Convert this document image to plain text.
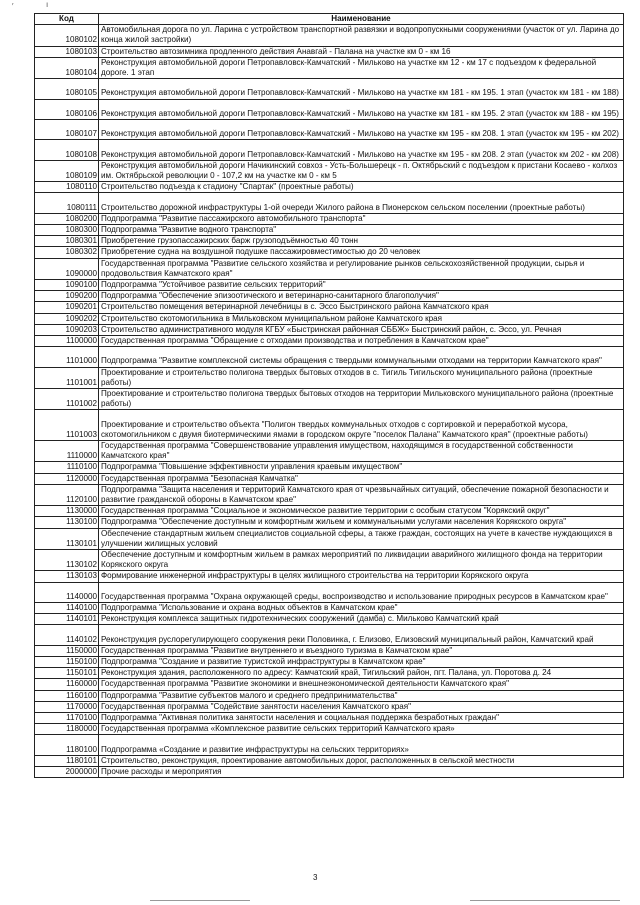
′	ı
Код	Наименование
1080102	Автомобильная дорога по ул. Ларина с устройством транспортной развязки и водопропускными сооружениями (участок от ул. Ларина до конца жилой застройки)
1080103	Строительство автозимника продленного действия Анавгай - Палана на участке км 0 - км 16
1080104	Реконструкция автомобильной дороги Петропавловск-Камчатский - Мильково на участке км 12 - км 17 с подъездом к федеральной дороге. 1 этап
1080105	Реконструкция автомобильной дороги Петропавловск-Камчатский - Мильково на участке км 181 - км 195. 1 этап (участок км 181 - км 188)
1080106	Реконструкция автомобильной дороги Петропавловск-Камчатский - Мильково на участке км 181 - км 195. 2 этап (участок км 188 - км 195)
1080107	Реконструкция автомобильной дороги Петропавловск-Камчатский - Мильково на участке км 195 - км 208. 1 этап (участок км 195 - км 202)
1080108	Реконструкция автомобильной дороги Петропавловск-Камчатский - Мильково на участке км 195 - км 208. 2 этап (участок км 202 - км 208)
1080109	Реконструкция автомобильной дороги Начикинский совхоз - Усть-Большерецк - п. Октябрьский с подъездом к пристани Косаево - колхоз им. Октябрьской революции 0 - 107,2 км на участке км 0 - км 5
1080110	Строительство подъезда к стадиону "Спартак" (проектные работы)
1080111	Строительство дорожной инфраструктуры 1-ой очереди Жилого района в Пионерском сельском поселении (проектные работы)
1080200	Подпрограмма "Развитие пассажирского автомобильного транспорта"
1080300	Подпрограмма "Развитие водного транспорта"
1080301	Приобретение грузопассажирских барж грузоподъёмностью 40 тонн
1080302	Приобретение судна на воздушной подушке пассажировместимостью до 20 человек
1090000	Государственная программа "Развитие сельского хозяйства и регулирование рынков сельскохозяйственной продукции, сырья и продовольствия Камчатского края"
1090100	Подпрограмма "Устойчивое развитие сельских территорий"
1090200	Подпрограмма "Обеспечение эпизоотического и ветеринарно-санитарного благополучия"
1090201	Строительство помещения ветеринарной лечебницы в с. Эссо Быстринского района Камчатского края
1090202	Строительство скотомогильника в Мильковском муниципальном районе Камчатского края
1090203	Строительство административного модуля КГБУ «Быстринская районная СББЖ» Быстринский район, с. Эссо, ул. Речная
1100000	Государственная программа "Обращение с отходами производства и потребления в Камчатском крае"
1101000	Подпрограмма "Развитие комплексной системы обращения с твердыми коммунальными отходами на территории Камчатского края"
1101001	Проектирование и строительство полигона твердых бытовых отходов в с. Тигиль Тигильского муниципального района (проектные работы)
1101002	Проектирование и строительство полигона твердых бытовых отходов на территории Мильковского муниципального района (проектные работы)
1101003	Проектирование и строительство объекта "Полигон твердых коммунальных отходов с сортировкой и переработкой мусора, скотомогильником с двумя биотермическими ямами в городском округе "поселок Палана" Камчатского края" (проектные работы)
1110000	Государственная программа "Совершенствование управления имуществом, находящимся в государственной собственности Камчатского края"
1110100	Подпрограмма "Повышение эффективности управления краевым имуществом"
1120000	Государственная программа "Безопасная Камчатка"
1120100	Подпрограмма "Защита населения и территорий Камчатского края от чрезвычайных ситуаций, обеспечение пожарной безопасности и развитие гражданской обороны в Камчатском крае"
1130000	Государственная программа "Социальное и экономическое развитие территории с особым статусом "Корякский округ"
1130100	Подпрограмма "Обеспечение доступным и комфортным жильем и коммунальными услугами населения Корякского округа"
1130101	Обеспечение стандартным жильем специалистов социальной сферы, а также граждан, состоящих на учете в качестве нуждающихся в улучшении жилищных условий
1130102	Обеспечение доступным и комфортным жильем в рамках мероприятий по ликвидации аварийного жилищного фонда на территории Корякского округа
1130103	Формирование инженерной инфраструктуры в целях жилищного строительства на территории Корякского округа
1140000	Государственная программа "Охрана окружающей среды, воспроизводство и использование природных ресурсов в Камчатском крае"
1140100	Подпрограмма "Использование и охрана водных объектов в Камчатском крае"
1140101	Реконструкция комплекса защитных гидротехнических сооружений (дамба) с. Мильково Камчатский край
1140102	Реконструкция руслорегулирующего сооружения реки Половинка, г. Елизово, Елизовский муниципальный район, Камчатский край
1150000	Государственная программа "Развитие внутреннего и въездного туризма в Камчатском крае"
1150100	Подпрограмма "Создание и развитие туристской инфраструктуры в Камчатском крае"
1150101	Реконструкция здания, расположенного по адресу: Камчатский край, Тигильский район, пгт. Палана, ул. Поротова д. 24
1160000	Государственная программа "Развитие экономики и внешнеэкономической деятельности Камчатского края"
1160100	Подпрограмма "Развитие субъектов малого и среднего предпринимательства"
1170000	Государственная программа "Содействие занятости населения Камчатского края"
1170100	Подпрограмма "Активная политика занятости населения и социальная поддержка безработных граждан"
1180000	Государственная программа «Комплексное развитие сельских территорий Камчатского края»
1180100	Подпрограмма «Создание и развитие инфраструктуры на сельских территориях»
1180101	Строительство, реконструкция, проектирование автомобильных дорог, расположенных в сельской местности
2000000	Прочие расходы и мероприятия
3
